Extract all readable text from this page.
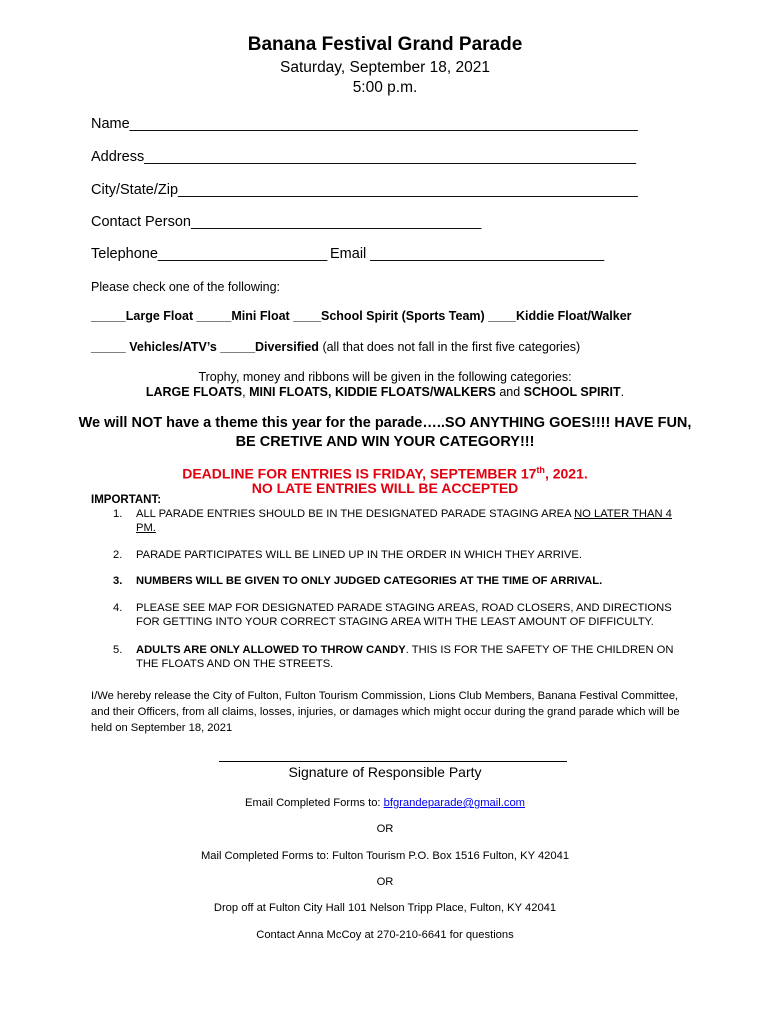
Banana Festival Grand Parade
Saturday, September 18, 2021
5:00 p.m.
Name_______________________________________________________________
Address_____________________________________________________________
City/State/Zip_________________________________________________________
Contact Person____________________________________
Telephone_____________________ Email _____________________________
Please check one of the following:
_____Large Float _____Mini Float ____School Spirit (Sports Team) ____Kiddie Float/Walker
_____ Vehicles/ATV’s _____Diversified (all that does not fall in the first five categories)
Trophy, money and ribbons will be given in the following categories:
LARGE FLOATS, MINI FLOATS, KIDDIE FLOATS/WALKERS and SCHOOL SPIRIT.
We will NOT have a theme this year for the parade…..SO ANYTHING GOES!!!! HAVE FUN,
BE CRETIVE AND WIN YOUR CATEGORY!!!
DEADLINE FOR ENTRIES IS FRIDAY, SEPTEMBER 17th, 2021.
NO LATE ENTRIES WILL BE ACCEPTED
IMPORTANT:
1. ALL PARADE ENTRIES SHOULD BE IN THE DESIGNATED PARADE STAGING AREA NO LATER THAN 4 PM.
2. PARADE PARTICIPATES WILL BE LINED UP IN THE ORDER IN WHICH THEY ARRIVE.
3. NUMBERS WILL BE GIVEN TO ONLY JUDGED CATEGORIES AT THE TIME OF ARRIVAL.
4. PLEASE SEE MAP FOR DESIGNATED PARADE STAGING AREAS, ROAD CLOSERS, AND DIRECTIONS FOR GETTING INTO YOUR CORRECT STAGING AREA WITH THE LEAST AMOUNT OF DIFFICULTY.
5. ADULTS ARE ONLY ALLOWED TO THROW CANDY. THIS IS FOR THE SAFETY OF THE CHILDREN ON THE FLOATS AND ON THE STREETS.
I/We hereby release the City of Fulton, Fulton Tourism Commission, Lions Club Members, Banana Festival Committee, and their Officers, from all claims, losses, injuries, or damages which might occur during the grand parade which will be held on September 18, 2021
Signature of Responsible Party
Email Completed Forms to: bfgrandeparade@gmail.com
OR
Mail Completed Forms to: Fulton Tourism P.O. Box 1516 Fulton, KY 42041
OR
Drop off at Fulton City Hall 101 Nelson Tripp Place, Fulton, KY 42041
Contact Anna McCoy at 270-210-6641 for questions
